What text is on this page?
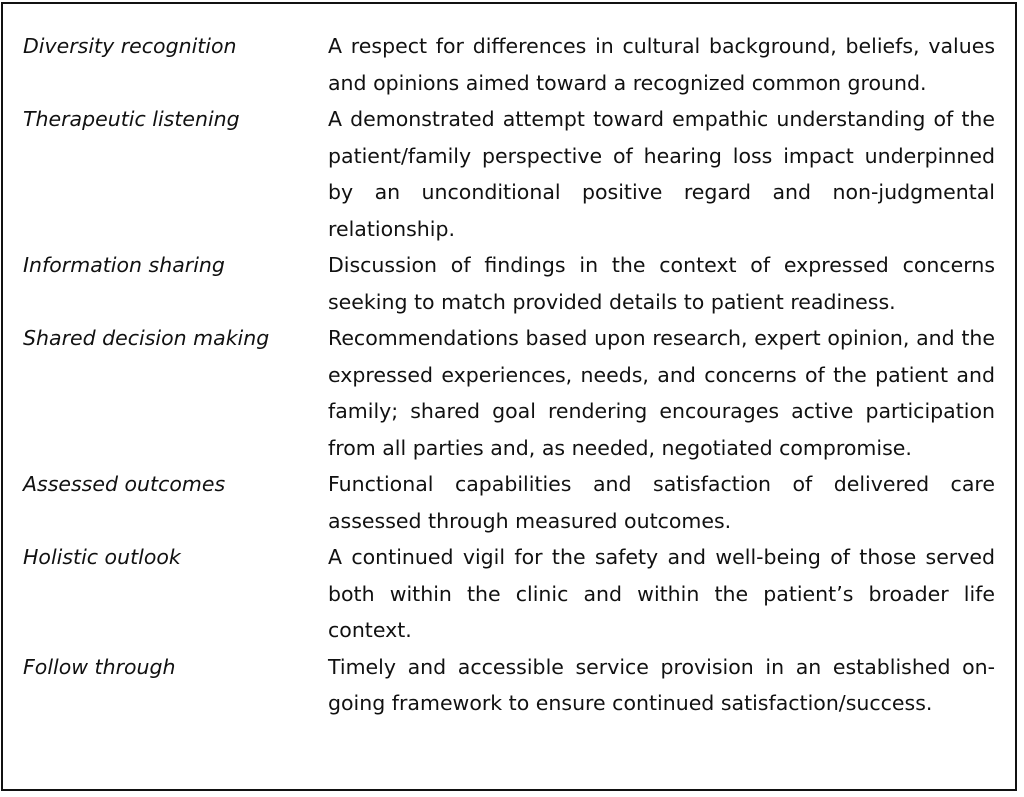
Diversity recognition	A respect for differences in cultural background, beliefs, values and opinions aimed toward a recognized common ground.
Therapeutic listening	A demonstrated attempt toward empathic understanding of the patient/family perspective of hearing loss impact underpinned by an unconditional positive regard and non-judgmental relationship.
Information sharing	Discussion of findings in the context of expressed concerns seeking to match provided details to patient readiness.
Shared decision making	Recommendations based upon research, expert opinion, and the expressed experiences, needs, and concerns of the patient and family; shared goal rendering encourages active participation from all parties and, as needed, negotiated compromise.
Assessed outcomes	Functional capabilities and satisfaction of delivered care assessed through measured outcomes.
Holistic outlook	A continued vigil for the safety and well-being of those served both within the clinic and within the patient’s broader life context.
Follow through	Timely and accessible service provision in an established on-going framework to ensure continued satisfaction/success.
